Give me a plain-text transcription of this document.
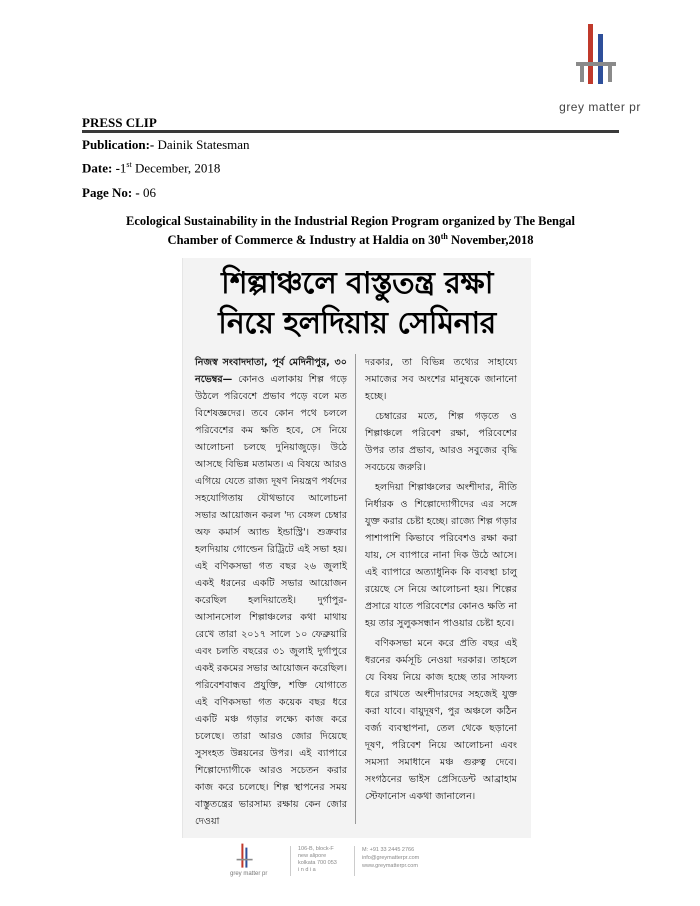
grey matter pr
PRESS CLIP
Publication:- Dainik Statesman
Date: -1st December, 2018
Page No: - 06
Ecological Sustainability in the Industrial Region Program organized by The Bengal
Chamber of Commerce & Industry at Haldia on 30th November,2018
শিল্পাঞ্চলে বাস্তুতন্ত্র রক্ষা
নিয়ে হলদিয়ায় সেমিনার

নিজস্ব সংবাদদাতা, পূর্ব মেদিনীপুর, ৩০ নভেম্বর— কোনও এলাকায় শিল্প গড়ে উঠলে পরিবেশে প্রভাব পড়ে বলে মত বিশেষজ্ঞদের। তবে কোন পথে চললে পরিবেশের কম ক্ষতি হবে, সে নিয়ে আলোচনা চলছে দুনিয়াজুড়ে। উঠে আসছে বিভিন্ন মতামত। এ বিষয়ে আরও এগিয়ে যেতে রাজ্য দূষণ নিয়ন্ত্রণ পর্ষদের সহযোগিতায় যৌথভাবে আলোচনা সভার আয়োজন করল 'দ্য বেঙ্গল চেম্বার অফ কমার্স অ্যান্ড ইন্ডাস্ট্রি'। শুক্রবার হলদিয়ায় গোল্ডেন রিট্রিটে এই সভা হয়। এই বণিকসভা গত বছর ২৬ জুলাই একই ধরনের একটি সভার আয়োজন করেছিল হলদিয়াতেই। দুর্গাপুর-আসানসোল শিল্পাঞ্চলের কথা মাথায় রেখে তারা ২০১৭ সালে ১০ ফেব্রুয়ারি এবং চলতি বছরের ৩১ জুলাই দুর্গাপুরে একই রকমের সভার আয়োজন করেছিল। পরিবেশবান্ধব প্রযুক্তি, শক্তি যোগাতে এই বণিকসভা গত কয়েক বছর ধরে একটি মঞ্চ গড়ার লক্ষ্যে কাজ করে চলেছে। তারা আরও জোর দিয়েছে সুসংহত উন্নয়নের উপর। এই ব্যাপারে শিল্পোদ্যোগীকে আরও সচেতন করার কাজ করে চলেছে। শিল্প স্থাপনের সময় বাস্তুতন্ত্রের ভারসাম্য রক্ষায় কেন জোর দেওয়া

দরকার, তা বিভিন্ন তথ্যের সাহায্যে সমাজের সব অংশের মানুষকে জানানো হচ্ছে।

চেম্বারের মতে, শিল্প গড়তে ও শিল্পাঞ্চলে পরিবেশ রক্ষা, পরিবেশের উপর তার প্রভাব, আরও সবুজের বৃদ্ধি সবচেয়ে জরুরি।

হলদিয়া শিল্পাঞ্চলের অংশীদার, নীতি নির্ধারক ও শিল্পোদ্যোগীদের এর সঙ্গে যুক্ত করার চেষ্টা হচ্ছে। রাজ্যে শিল্প গড়ার পাশাপাশি কিভাবে পরিবেশও রক্ষা করা যায়, সে ব্যাপারে নানা দিক উঠে আসে। এই ব্যাপারে অত্যাধুনিক কি ব্যবস্থা চালু রয়েছে সে নিয়ে আলোচনা হয়। শিল্পের প্রসারে যাতে পরিবেশের কোনও ক্ষতি না হয় তার সুলুকসন্ধান পাওয়ার চেষ্টা হবে।

বণিকসভা মনে করে প্রতি বছর এই ধরনের কর্মসূচি নেওয়া দরকার। তাহলে যে বিষয় নিয়ে কাজ হচ্ছে তার সাফল্য ধরে রাখতে অংশীদারদের সহজেই যুক্ত করা যাবে। বায়ুদূষণ, পুর অঞ্চলে কঠিন বর্জ্য ব্যবস্থাপনা, তেল থেকে ছড়ানো দূষণ, পরিবেশ নিয়ে আলোচনা এবং সমস্যা সমাধানে মঞ্চ গুরুত্ব দেবে। সংগঠনের ভাইস প্রেসিডেন্ট আব্রাহাম স্টেফানোস একথা জানালেন।

grey matter pr
106-B, block-F
new alipore
kolkata 700 053
i n d i a
M: +91 33 2445 2766
info@greymatterpr.com
www.greymatterpr.com
